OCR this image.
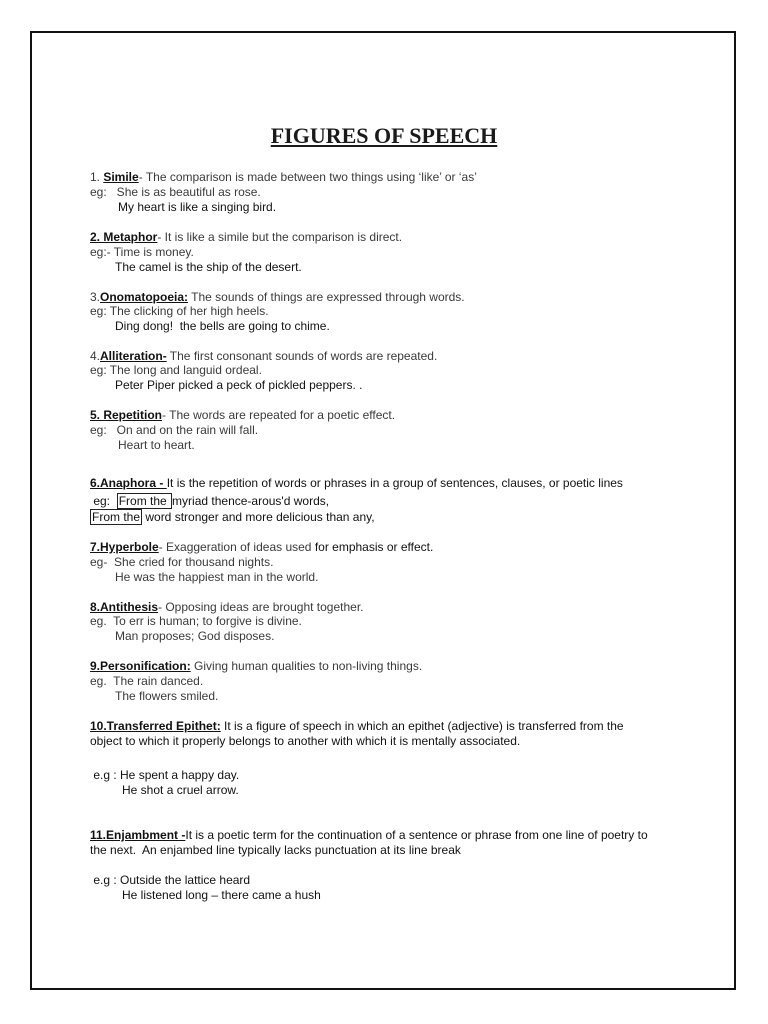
FIGURES OF SPEECH
1. Simile- The comparison is made between two things using ‘like’ or ‘as’
eg:   She is as beautiful as rose.
My heart is like a singing bird.
2. Metaphor- It is like a simile but the comparison is direct.
eg:- Time is money.
The camel is the ship of the desert.
3.Onomatopoeia: The sounds of things are expressed through words.
eg: The clicking of her high heels.
Ding dong!  the bells are going to chime.
4.Alliteration- The first consonant sounds of words are repeated.
eg: The long and languid ordeal.
Peter Piper picked a peck of pickled peppers. .
5. Repetition- The words are repeated for a poetic effect.
eg:   On and on the rain will fall.
Heart to heart.
6.Anaphora - It is the repetition of words or phrases in a group of sentences, clauses, or poetic lines
eg:  From the myriad thence-arous'd words,
From the word stronger and more delicious than any,
7.Hyperbole- Exaggeration of ideas used for emphasis or effect.
eg-  She cried for thousand nights.
He was the happiest man in the world.
8.Antithesis- Opposing ideas are brought together.
eg.  To err is human; to forgive is divine.
Man proposes; God disposes.
9.Personification: Giving human qualities to non-living things.
eg.  The rain danced.
The flowers smiled.
10.Transferred Epithet: It is a figure of speech in which an epithet (adjective) is transferred from the
object to which it properly belongs to another with which it is mentally associated.
e.g : He spent a happy day.
He shot a cruel arrow.
11.Enjambment -It is a poetic term for the continuation of a sentence or phrase from one line of poetry to
the next.  An enjambed line typically lacks punctuation at its line break
e.g : Outside the lattice heard
He listened long – there came a hush
